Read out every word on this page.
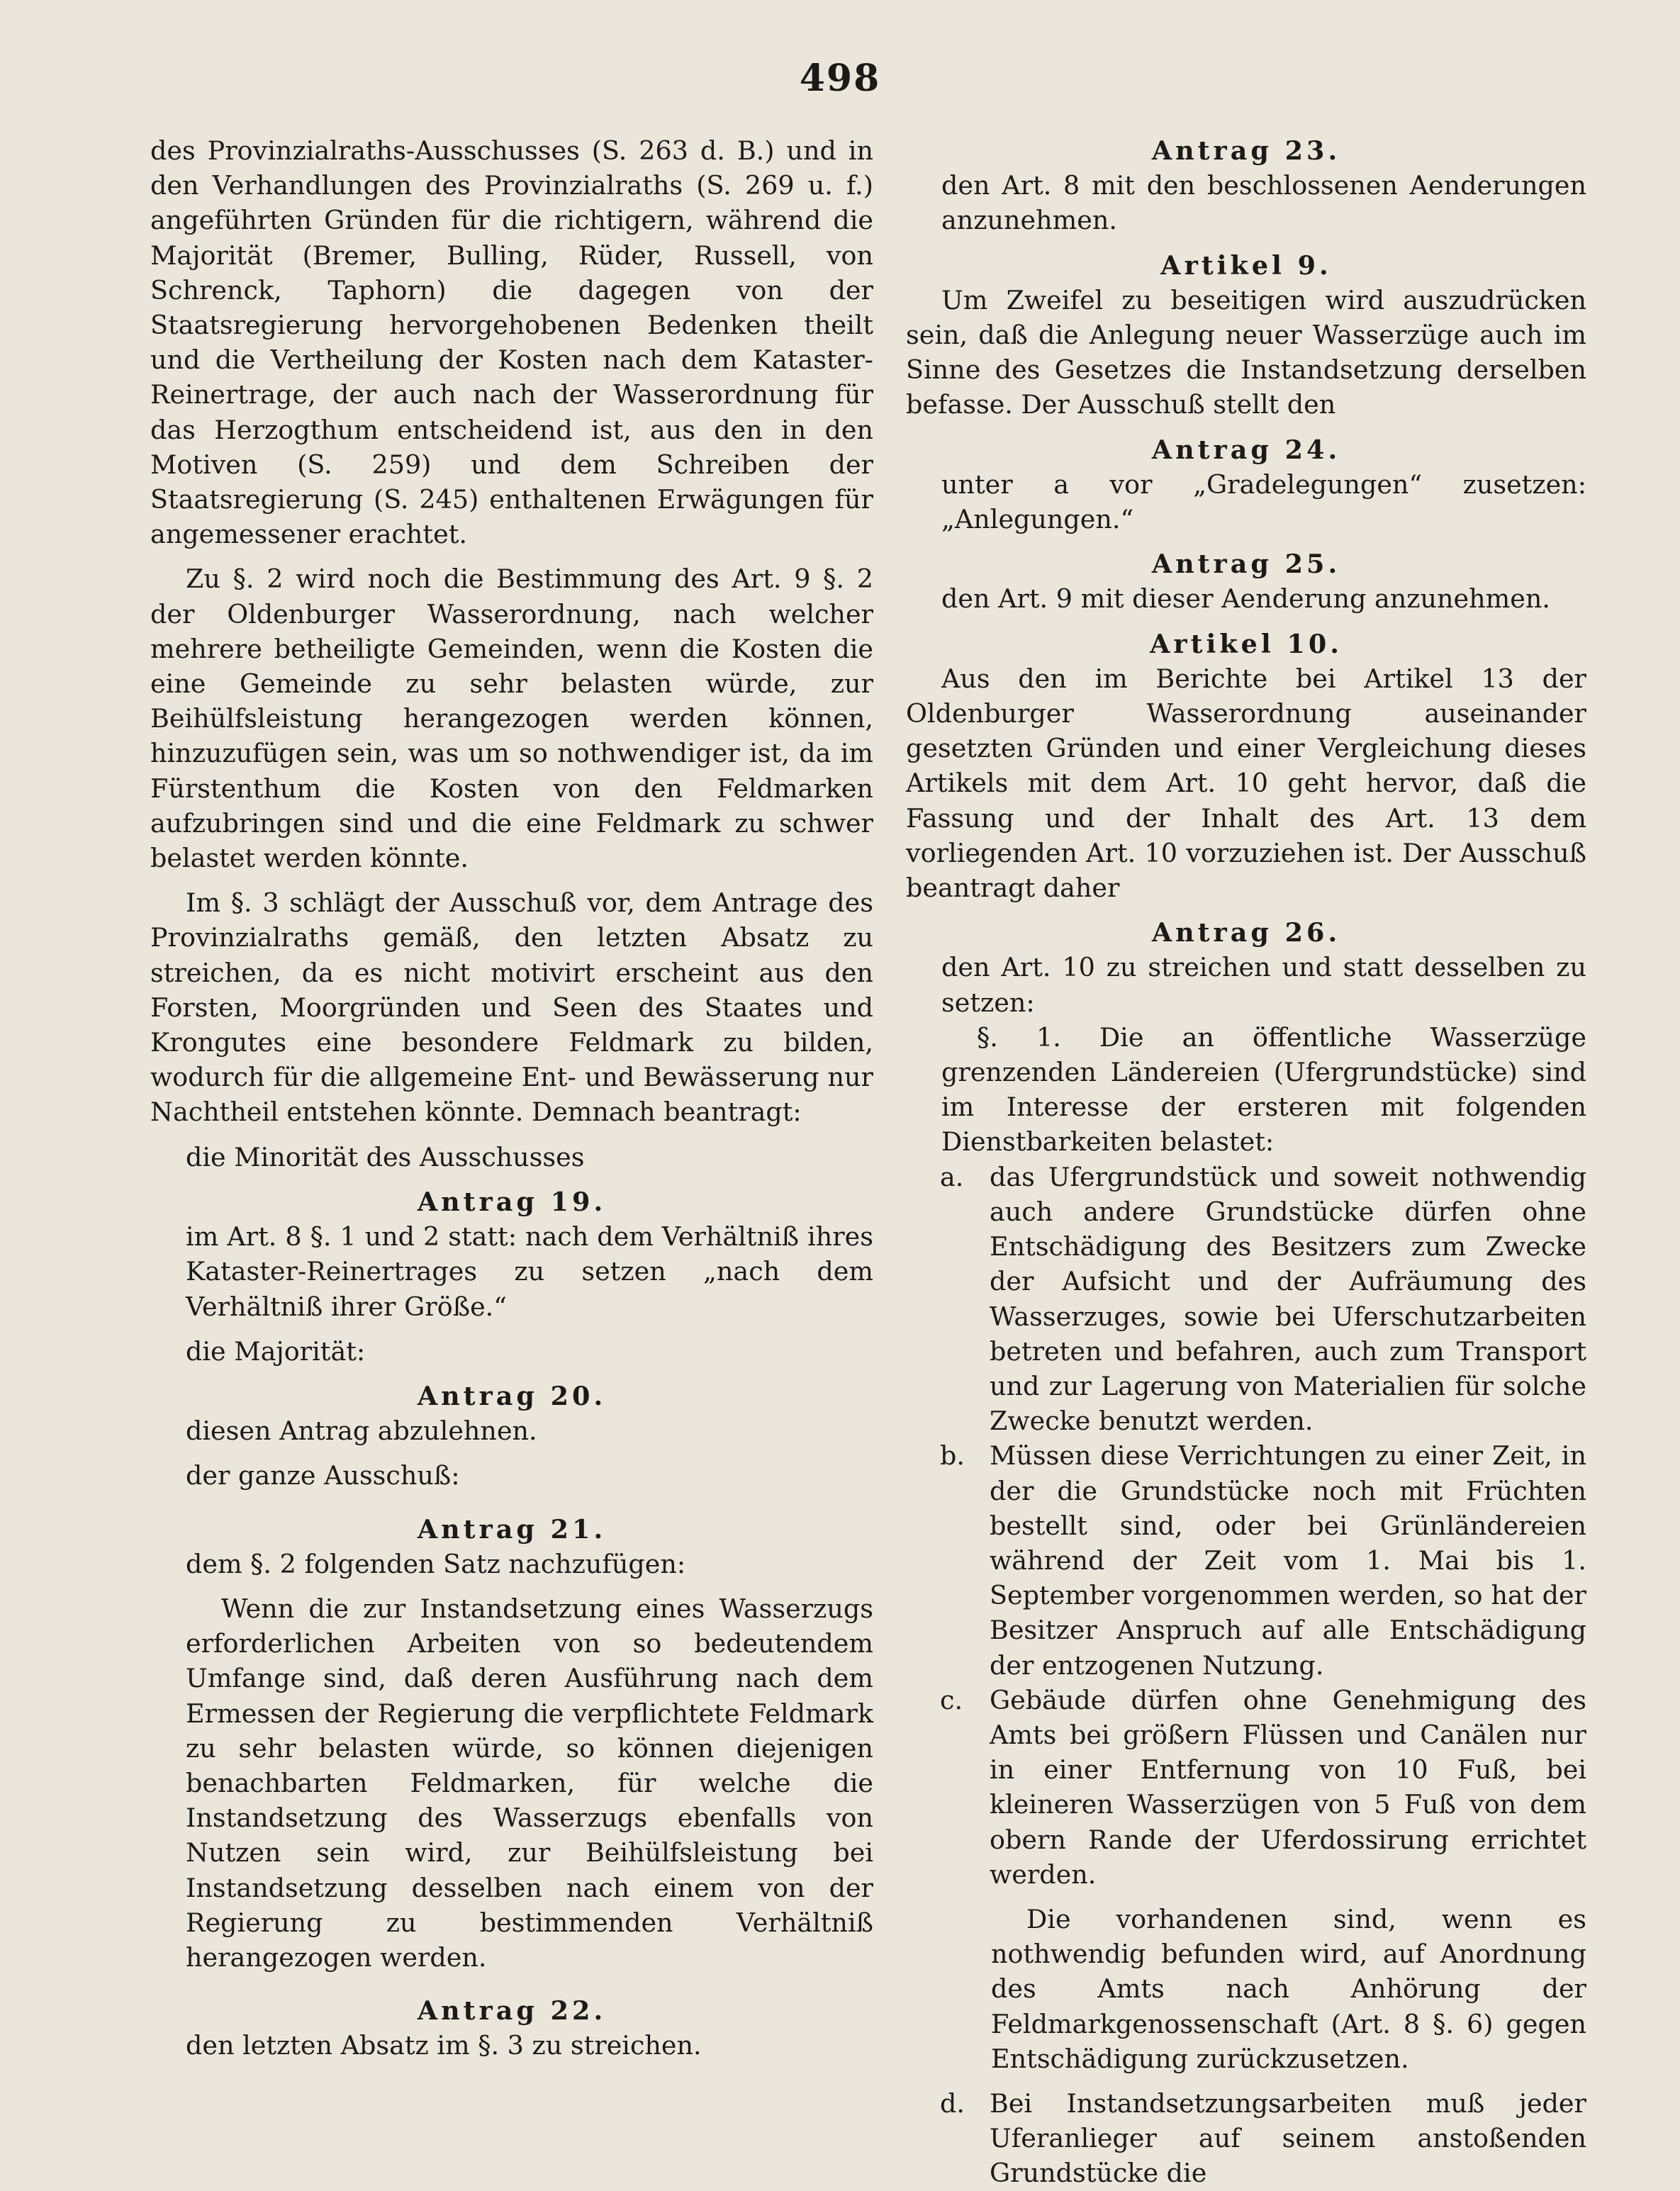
498

des Provinzialraths-Ausschusses (S. 263 d. B.) und in den Verhandlungen des Provinzialraths (S. 269 u. f.) angeführten Gründen für die richtigern, während die Majorität (Bremer, Bulling, Rüder, Russell, von Schrenck, Taphorn) die dagegen von der Staatsregierung hervorgehobenen Bedenken theilt und die Vertheilung der Kosten nach dem Kataster-Reinertrage, der auch nach der Wasserordnung für das Herzogthum entscheidend ist, aus den in den Motiven (S. 259) und dem Schreiben der Staatsregierung (S. 245) enthaltenen Erwägungen für angemessener erachtet.

Zu §. 2 wird noch die Bestimmung des Art. 9 §. 2 der Oldenburger Wasserordnung, nach welcher mehrere betheiligte Gemeinden, wenn die Kosten die eine Gemeinde zu sehr belasten würde, zur Beihülfsleistung herangezogen werden können, hinzuzufügen sein, was um so nothwendiger ist, da im Fürstenthum die Kosten von den Feldmarken aufzubringen sind und die eine Feldmark zu schwer belastet werden könnte.

Im §. 3 schlägt der Ausschuß vor, dem Antrage des Provinzialraths gemäß, den letzten Absatz zu streichen, da es nicht motivirt erscheint aus den Forsten, Moorgründen und Seen des Staates und Krongutes eine besondere Feldmark zu bilden, wodurch für die allgemeine Ent- und Bewässerung nur Nachtheil entstehen könnte. Demnach beantragt:

die Minorität des Ausschusses

Antrag 19.

im Art. 8 §. 1 und 2 statt: nach dem Verhältniß ihres Kataster-Reinertrages zu setzen „nach dem Verhältniß ihrer Größe.“

die Majorität:

Antrag 20.

diesen Antrag abzulehnen.

der ganze Ausschuß:

Antrag 21.

dem §. 2 folgenden Satz nachzufügen:

Wenn die zur Instandsetzung eines Wasserzugs erforderlichen Arbeiten von so bedeutendem Umfange sind, daß deren Ausführung nach dem Ermessen der Regierung die verpflichtete Feldmark zu sehr belasten würde, so können diejenigen benachbarten Feldmarken, für welche die Instandsetzung des Wasserzugs ebenfalls von Nutzen sein wird, zur Beihülfsleistung bei Instandsetzung desselben nach einem von der Regierung zu bestimmenden Verhältniß herangezogen werden.

Antrag 22.

den letzten Absatz im §. 3 zu streichen.

Antrag 23.

den Art. 8 mit den beschlossenen Aenderungen anzunehmen.

Artikel 9.

Um Zweifel zu beseitigen wird auszudrücken sein, daß die Anlegung neuer Wasserzüge auch im Sinne des Gesetzes die Instandsetzung derselben befasse. Der Ausschuß stellt den

Antrag 24.

unter a vor „Gradelegungen“ zusetzen: „Anlegungen.“

Antrag 25.

den Art. 9 mit dieser Aenderung anzunehmen.

Artikel 10.

Aus den im Berichte bei Artikel 13 der Oldenburger Wasserordnung auseinander gesetzten Gründen und einer Vergleichung dieses Artikels mit dem Art. 10 geht hervor, daß die Fassung und der Inhalt des Art. 13 dem vorliegenden Art. 10 vorzuziehen ist. Der Ausschuß beantragt daher

Antrag 26.

den Art. 10 zu streichen und statt desselben zu setzen:

§. 1. Die an öffentliche Wasserzüge grenzenden Ländereien (Ufergrundstücke) sind im Interesse der ersteren mit folgenden Dienstbarkeiten belastet:

a.	das Ufergrundstück und soweit nothwendig auch andere Grundstücke dürfen ohne Entschädigung des Besitzers zum Zwecke der Aufsicht und der Aufräumung des Wasserzuges, sowie bei Uferschutzarbeiten betreten und befahren, auch zum Transport und zur Lagerung von Materialien für solche Zwecke benutzt werden.
b. Müssen diese Verrichtungen zu einer Zeit, in der die Grundstücke noch mit Früchten bestellt sind, oder bei Grünländereien während der Zeit vom 1. Mai bis 1. September vorgenommen werden, so hat der Besitzer Anspruch auf alle Entschädigung der entzogenen Nutzung.
c.	Gebäude dürfen ohne Genehmigung des Amts bei größern Flüssen und Canälen nur in einer Entfernung von 10 Fuß, bei kleineren Wasserzügen von 5 Fuß von dem obern Rande der Uferdossirung errichtet werden.

Die vorhandenen sind, wenn es nothwendig befunden wird, auf Anordnung des Amts nach Anhörung der Feldmarkgenossenschaft (Art. 8 §. 6) gegen Entschädigung zurückzusetzen.

d. Bei Instandsetzungsarbeiten muß jeder Uferanlieger auf seinem anstoßenden Grundstücke die
